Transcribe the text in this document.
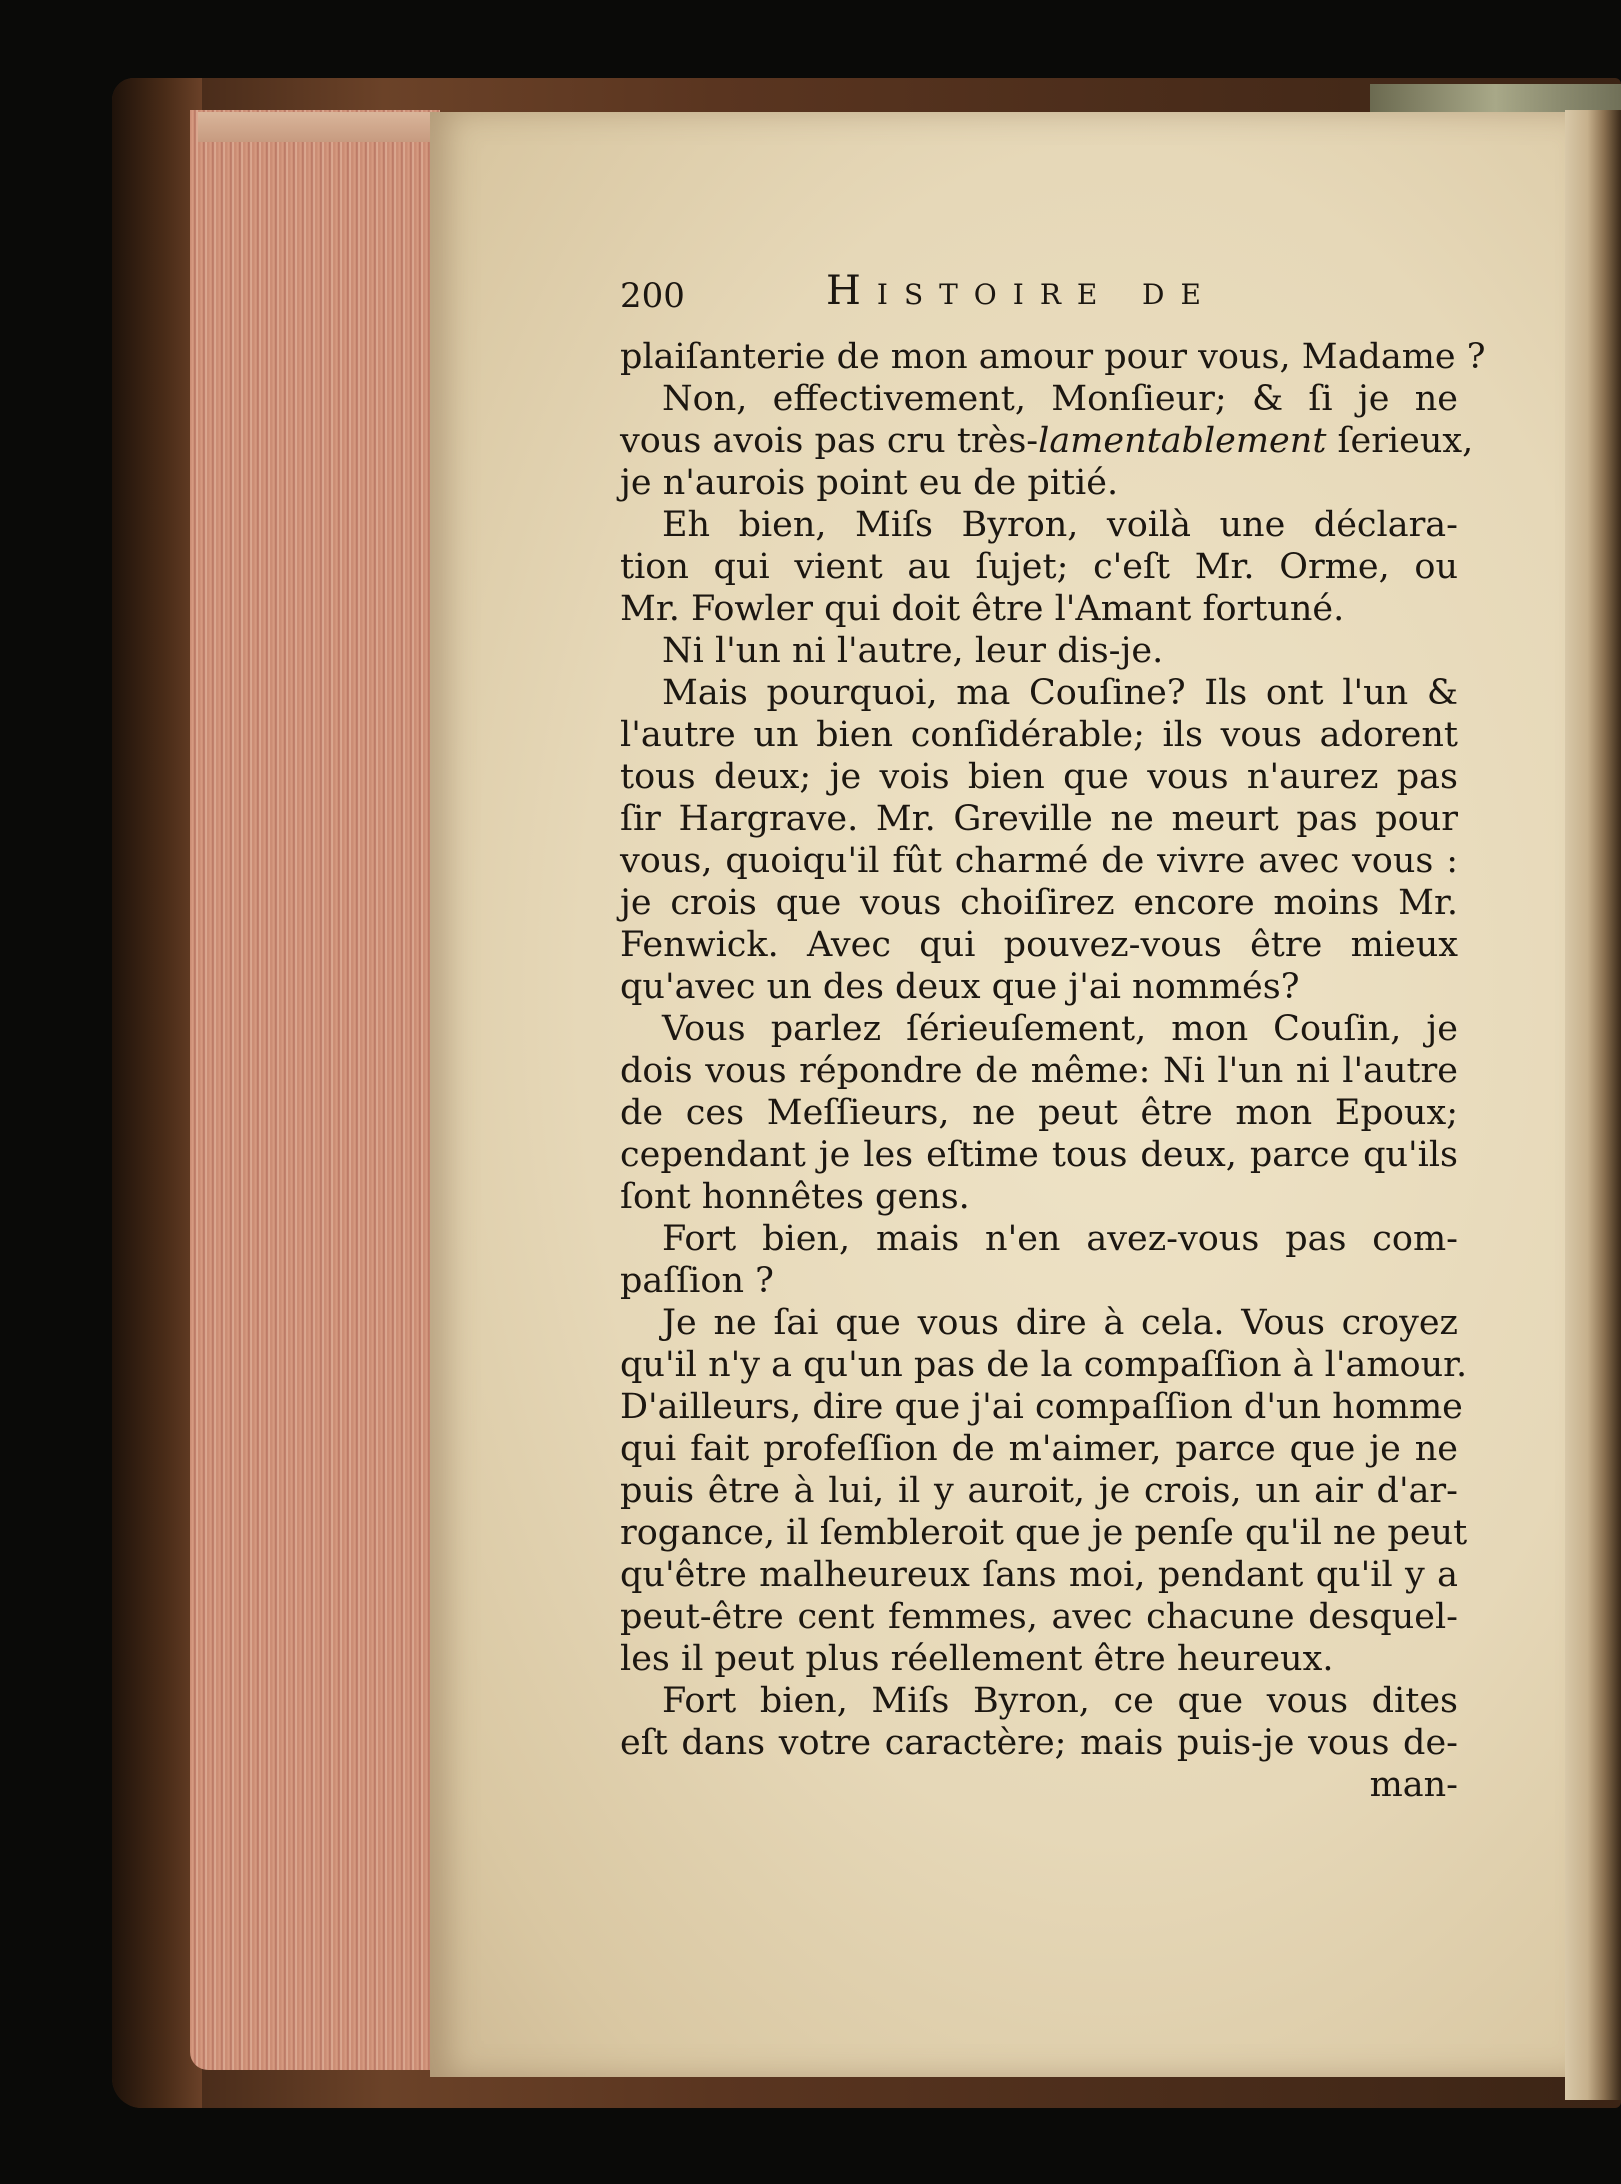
200	Histoire de
plaiſanterie de mon amour pour vous, Madame ?
Non, effectivement, Monſieur; & ſi je ne
vous avois pas cru très-lamentablement ſerieux,
je n'aurois point eu de pitié.
Eh bien, Miſs Byron, voilà une déclara-
tion qui vient au ſujet; c'eſt Mr. Orme, ou
Mr. Fowler qui doit être l'Amant fortuné.
Ni l'un ni l'autre, leur dis-je.
Mais pourquoi, ma Couſine? Ils ont l'un &
l'autre un bien conſidérable; ils vous adorent
tous deux; je vois bien que vous n'aurez pas
ſir Hargrave. Mr. Greville ne meurt pas pour
vous, quoiqu'il fût charmé de vivre avec vous :
je crois que vous choiſirez encore moins Mr.
Fenwick. Avec qui pouvez-vous être mieux
qu'avec un des deux que j'ai nommés?
Vous parlez ſérieuſement, mon Couſin, je
dois vous répondre de même: Ni l'un ni l'autre
de ces Meſſieurs, ne peut être mon Epoux;
cependant je les eſtime tous deux, parce qu'ils
ſont honnêtes gens.
Fort bien, mais n'en avez-vous pas com-
paſſion ?
Je ne ſai que vous dire à cela. Vous croyez
qu'il n'y a qu'un pas de la compaſſion à l'amour.
D'ailleurs, dire que j'ai compaſſion d'un homme
qui fait profeſſion de m'aimer, parce que je ne
puis être à lui, il y auroit, je crois, un air d'ar-
rogance, il ſembleroit que je penſe qu'il ne peut
qu'être malheureux ſans moi, pendant qu'il y a
peut-être cent femmes, avec chacune desquel-
les il peut plus réellement être heureux.
Fort bien, Miſs Byron, ce que vous dites
eſt dans votre caractère; mais puis-je vous de-
man-
